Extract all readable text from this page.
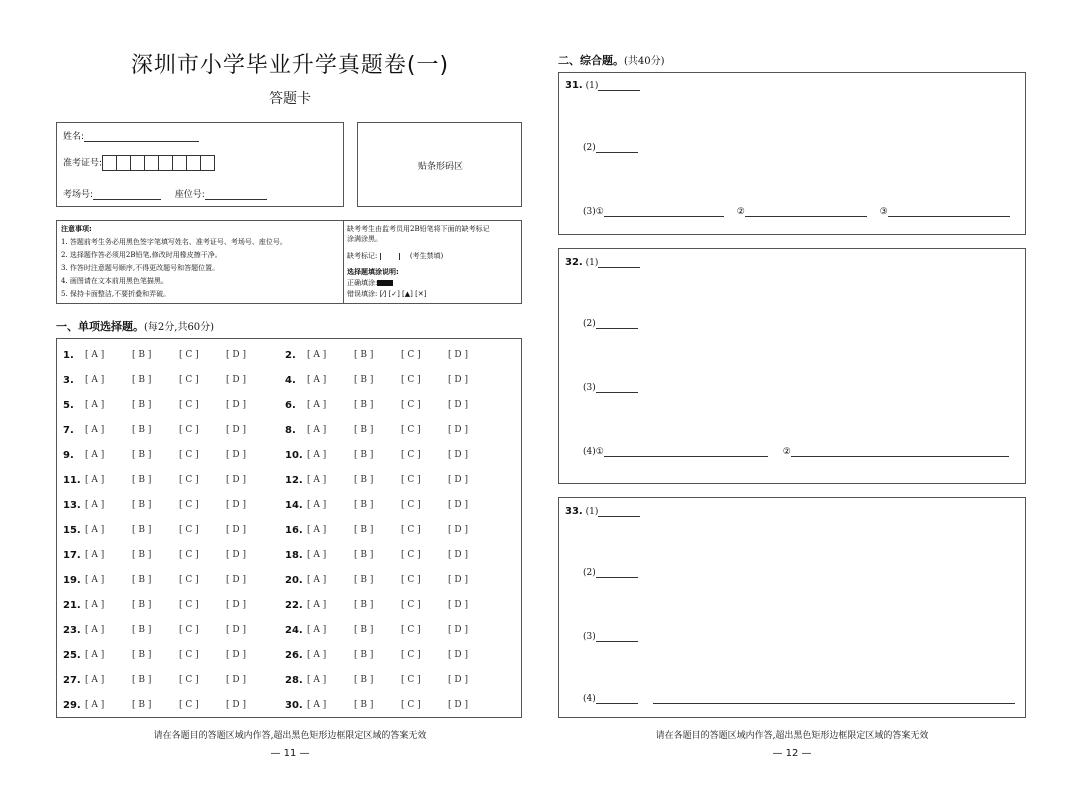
深圳市小学毕业升学真题卷(一)
答题卡
姓名:
准考证号:
考场号:	座位号:
贴条形码区
注意事项:
1. 答题前考生务必用黑色签字笔填写姓名、准考证号、考场号、座位号。
2. 选择题作答必须用2B铅笔,修改时用橡皮擦干净。
3. 作答时注意题号顺序,不得更改题号和答题位置。
4. 画图请在文本前用黑色笔描黑。
5. 保持卡面整洁,不要折叠和弄破。
缺考考生由监考员用2B铅笔将下面的缺考标记
涂满涂黑。
缺考标记:	(考生禁填)
选择题填涂说明:
正确填涂:
错误填涂: [⁄] [✓] [▲] [✕]
一、单项选择题。(每2分,共60分)
1.	[ A ]	[ B ]	[ C ]	[ D ]	2.	[ A ]	[ B ]	[ C ]	[ D ]
3.	[ A ]	[ B ]	[ C ]	[ D ]	4.	[ A ]	[ B ]	[ C ]	[ D ]
5.	[ A ]	[ B ]	[ C ]	[ D ]	6.	[ A ]	[ B ]	[ C ]	[ D ]
7.	[ A ]	[ B ]	[ C ]	[ D ]	8.	[ A ]	[ B ]	[ C ]	[ D ]
9.	[ A ]	[ B ]	[ C ]	[ D ]	10. [ A ]	[ B ]	[ C ]	[ D ]
11. [ A ]	[ B ]	[ C ]	[ D ]	12. [ A ]	[ B ]	[ C ]	[ D ]
13. [ A ]	[ B ]	[ C ]	[ D ]	14. [ A ]	[ B ]	[ C ]	[ D ]
15. [ A ]	[ B ]	[ C ]	[ D ]	16. [ A ]	[ B ]	[ C ]	[ D ]
17. [ A ]	[ B ]	[ C ]	[ D ]	18. [ A ]	[ B ]	[ C ]	[ D ]
19. [ A ]	[ B ]	[ C ]	[ D ]	20. [ A ]	[ B ]	[ C ]	[ D ]
21. [ A ]	[ B ]	[ C ]	[ D ]	22. [ A ]	[ B ]	[ C ]	[ D ]
23. [ A ]	[ B ]	[ C ]	[ D ]	24. [ A ]	[ B ]	[ C ]	[ D ]
25. [ A ]	[ B ]	[ C ]	[ D ]	26. [ A ]	[ B ]	[ C ]	[ D ]
27. [ A ]	[ B ]	[ C ]	[ D ]	28. [ A ]	[ B ]	[ C ]	[ D ]
29. [ A ]	[ B ]	[ C ]	[ D ]	30. [ A ]	[ B ]	[ C ]	[ D ]
请在各题目的答题区域内作答,超出黑色矩形边框限定区域的答案无效
— 11 —
二、综合题。(共40分)
31. (1)
(2)
(3)①	②	③
32. (1)
(2)
(3)
(4)①	②
33. (1)
(2)
(3)
(4)
请在各题目的答题区域内作答,超出黑色矩形边框限定区域的答案无效
— 12 —
